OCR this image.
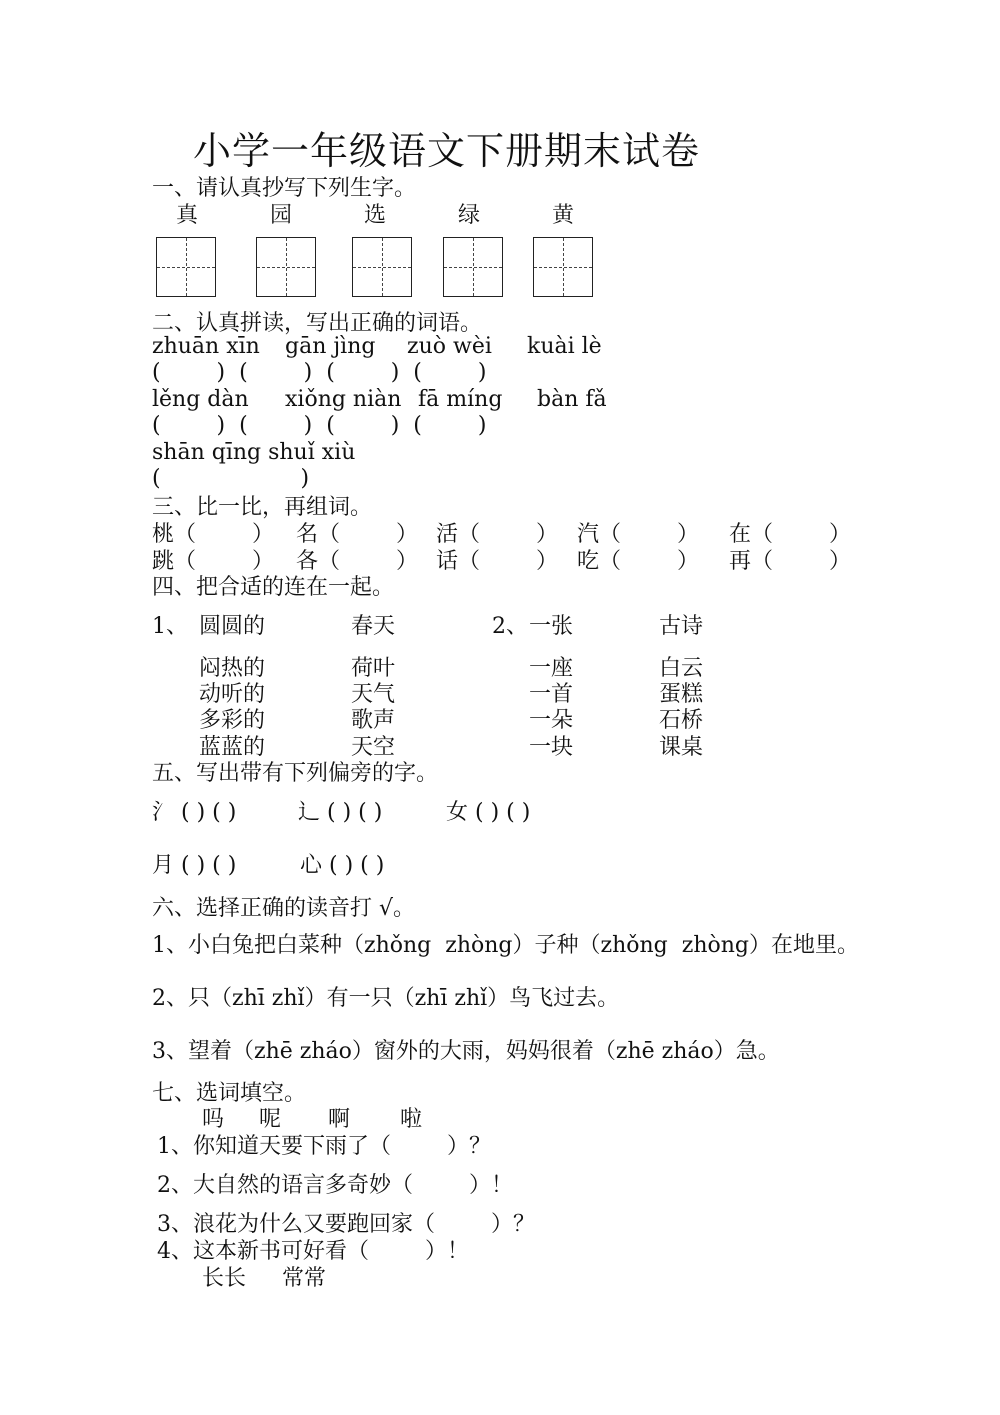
小学一年级语文下册期末试卷
一、请认真抄写下列生字。
真	园	选	绿	黄
二、认真拼读，写出正确的词语。
zhuān xīn gān jìng zuò wèi kuài lè
(        )  (        )  (        )  (        )
lěng dàn xiǒng niàn fā míng bàn fǎ
(        )  (        )  (        )  (        )
shān qīng shuǐ xiù
(                    )
三、比一比，再组词。
桃（        ） 名（        ） 活（        ） 汽（        ） 在（        ）
跳（        ） 各（        ） 话（        ） 吃（        ） 再（        ）
四、把合适的连在一起。
1、 圆圆的	春天	2、 一张	古诗
闷热的	荷叶	一座	白云
动听的	天气	一首	蛋糕
多彩的	歌声	一朵	石桥
蓝蓝的	天空	一块	课桌
五、写出带有下列偏旁的字。
氵 ( ) ( )	辶 ( ) ( )	女 ( ) ( )
月 ( ) ( )	心 ( ) ( )
六、选择正确的读音打 √。
1、小白兔把白菜种（zhǒng  zhòng）子种（zhǒng  zhòng）在地里。
2、只（zhī zhǐ）有一只（zhī zhǐ）鸟飞过去。
3、望着（zhē zháo）窗外的大雨，妈妈很着（zhē zháo）急。
七、选词填空。
吗 呢 啊 啦
1、你知道天要下雨了（        ）？
2、大自然的语言多奇妙（        ）！
3、浪花为什么又要跑回家（        ）？
4、这本新书可好看（        ）！
长长 常常
